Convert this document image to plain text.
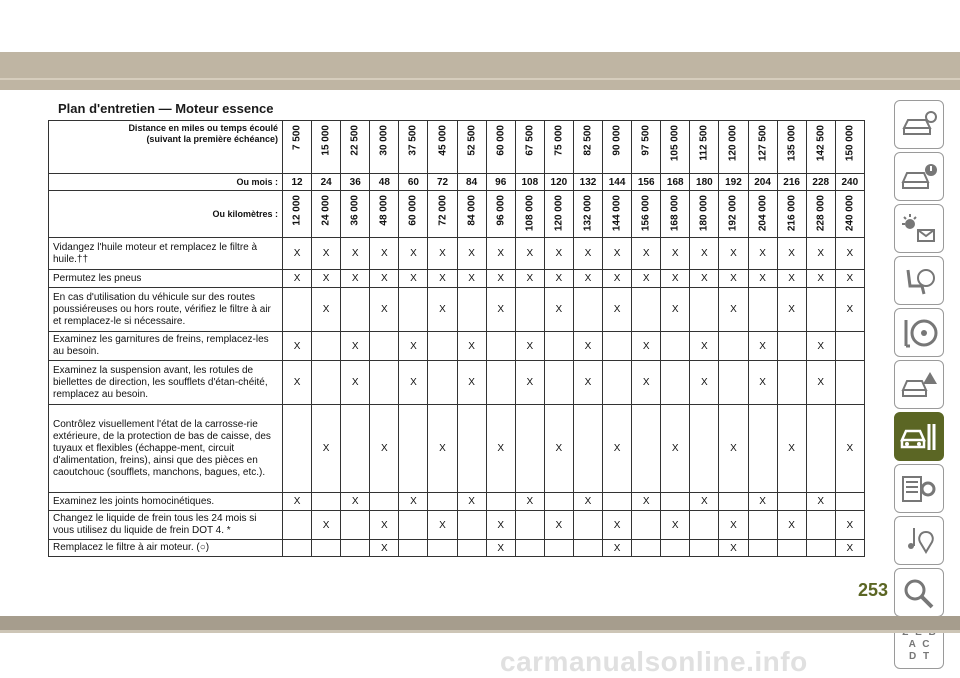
Plan d'entretien — Moteur essence
Distance en miles ou temps écoulé
(suivant la première échéance)	7 500	15 000	22 500	30 000	37 500	45 000	52 500	60 000	67 500	75 000	82 500	90 000	97 500	105 000	112 500	120 000	127 500	135 000	142 500	150 000

Ou mois :	12	24	36	48	60	72	84	96	108	120	132	144	156	168	180	192	204	216	228	240
Ou kilomètres :	12 000	24 000	36 000	48 000	60 000	72 000	84 000	96 000	108 000	120 000	132 000	144 000	156 000	168 000	180 000	192 000	204 000	216 000	228 000	240 000

Vidangez l'huile moteur et remplacez le filtre à huile.††	X	X	X	X	X	X	X	X	X	X	X	X	X	X	X	X	X	X	X	X
Permutez les pneus	X	X	X	X	X	X	X	X	X	X	X	X	X	X	X	X	X	X	X	X
En cas d'utilisation du véhicule sur des routes poussiéreuses ou hors route, vérifiez le filtre à air et remplacez-le si nécessaire.		X		X		X		X		X		X		X		X		X		X
Examinez les garnitures de freins, remplacez-les au besoin.	X		X		X		X		X		X		X		X		X		X	
Examinez la suspension avant, les rotules de biellettes de direction, les soufflets d'étan-chéité, remplacez au besoin.	X		X		X		X		X		X		X		X		X		X	
Contrôlez visuellement l'état de la carrosse-rie extérieure, de la protection de bas de caisse, des tuyaux et flexibles (échappe-ment, circuit d'alimentation, freins), ainsi que des pièces en caoutchouc (soufflets, manchons, bagues, etc.).		X		X		X		X		X		X		X		X		X		X
Examinez les joints homocinétiques.	X		X		X		X		X		X		X		X		X		X	
Changez le liquide de frein tous les 24 mois si vous utilisez du liquide de frein DOT 4. *		X		X		X		X		X		X		X		X		X		X
Remplacez le filtre à air moteur. (○)				X				X				X				X				X
A C D T
253
carmanualsonline.info
